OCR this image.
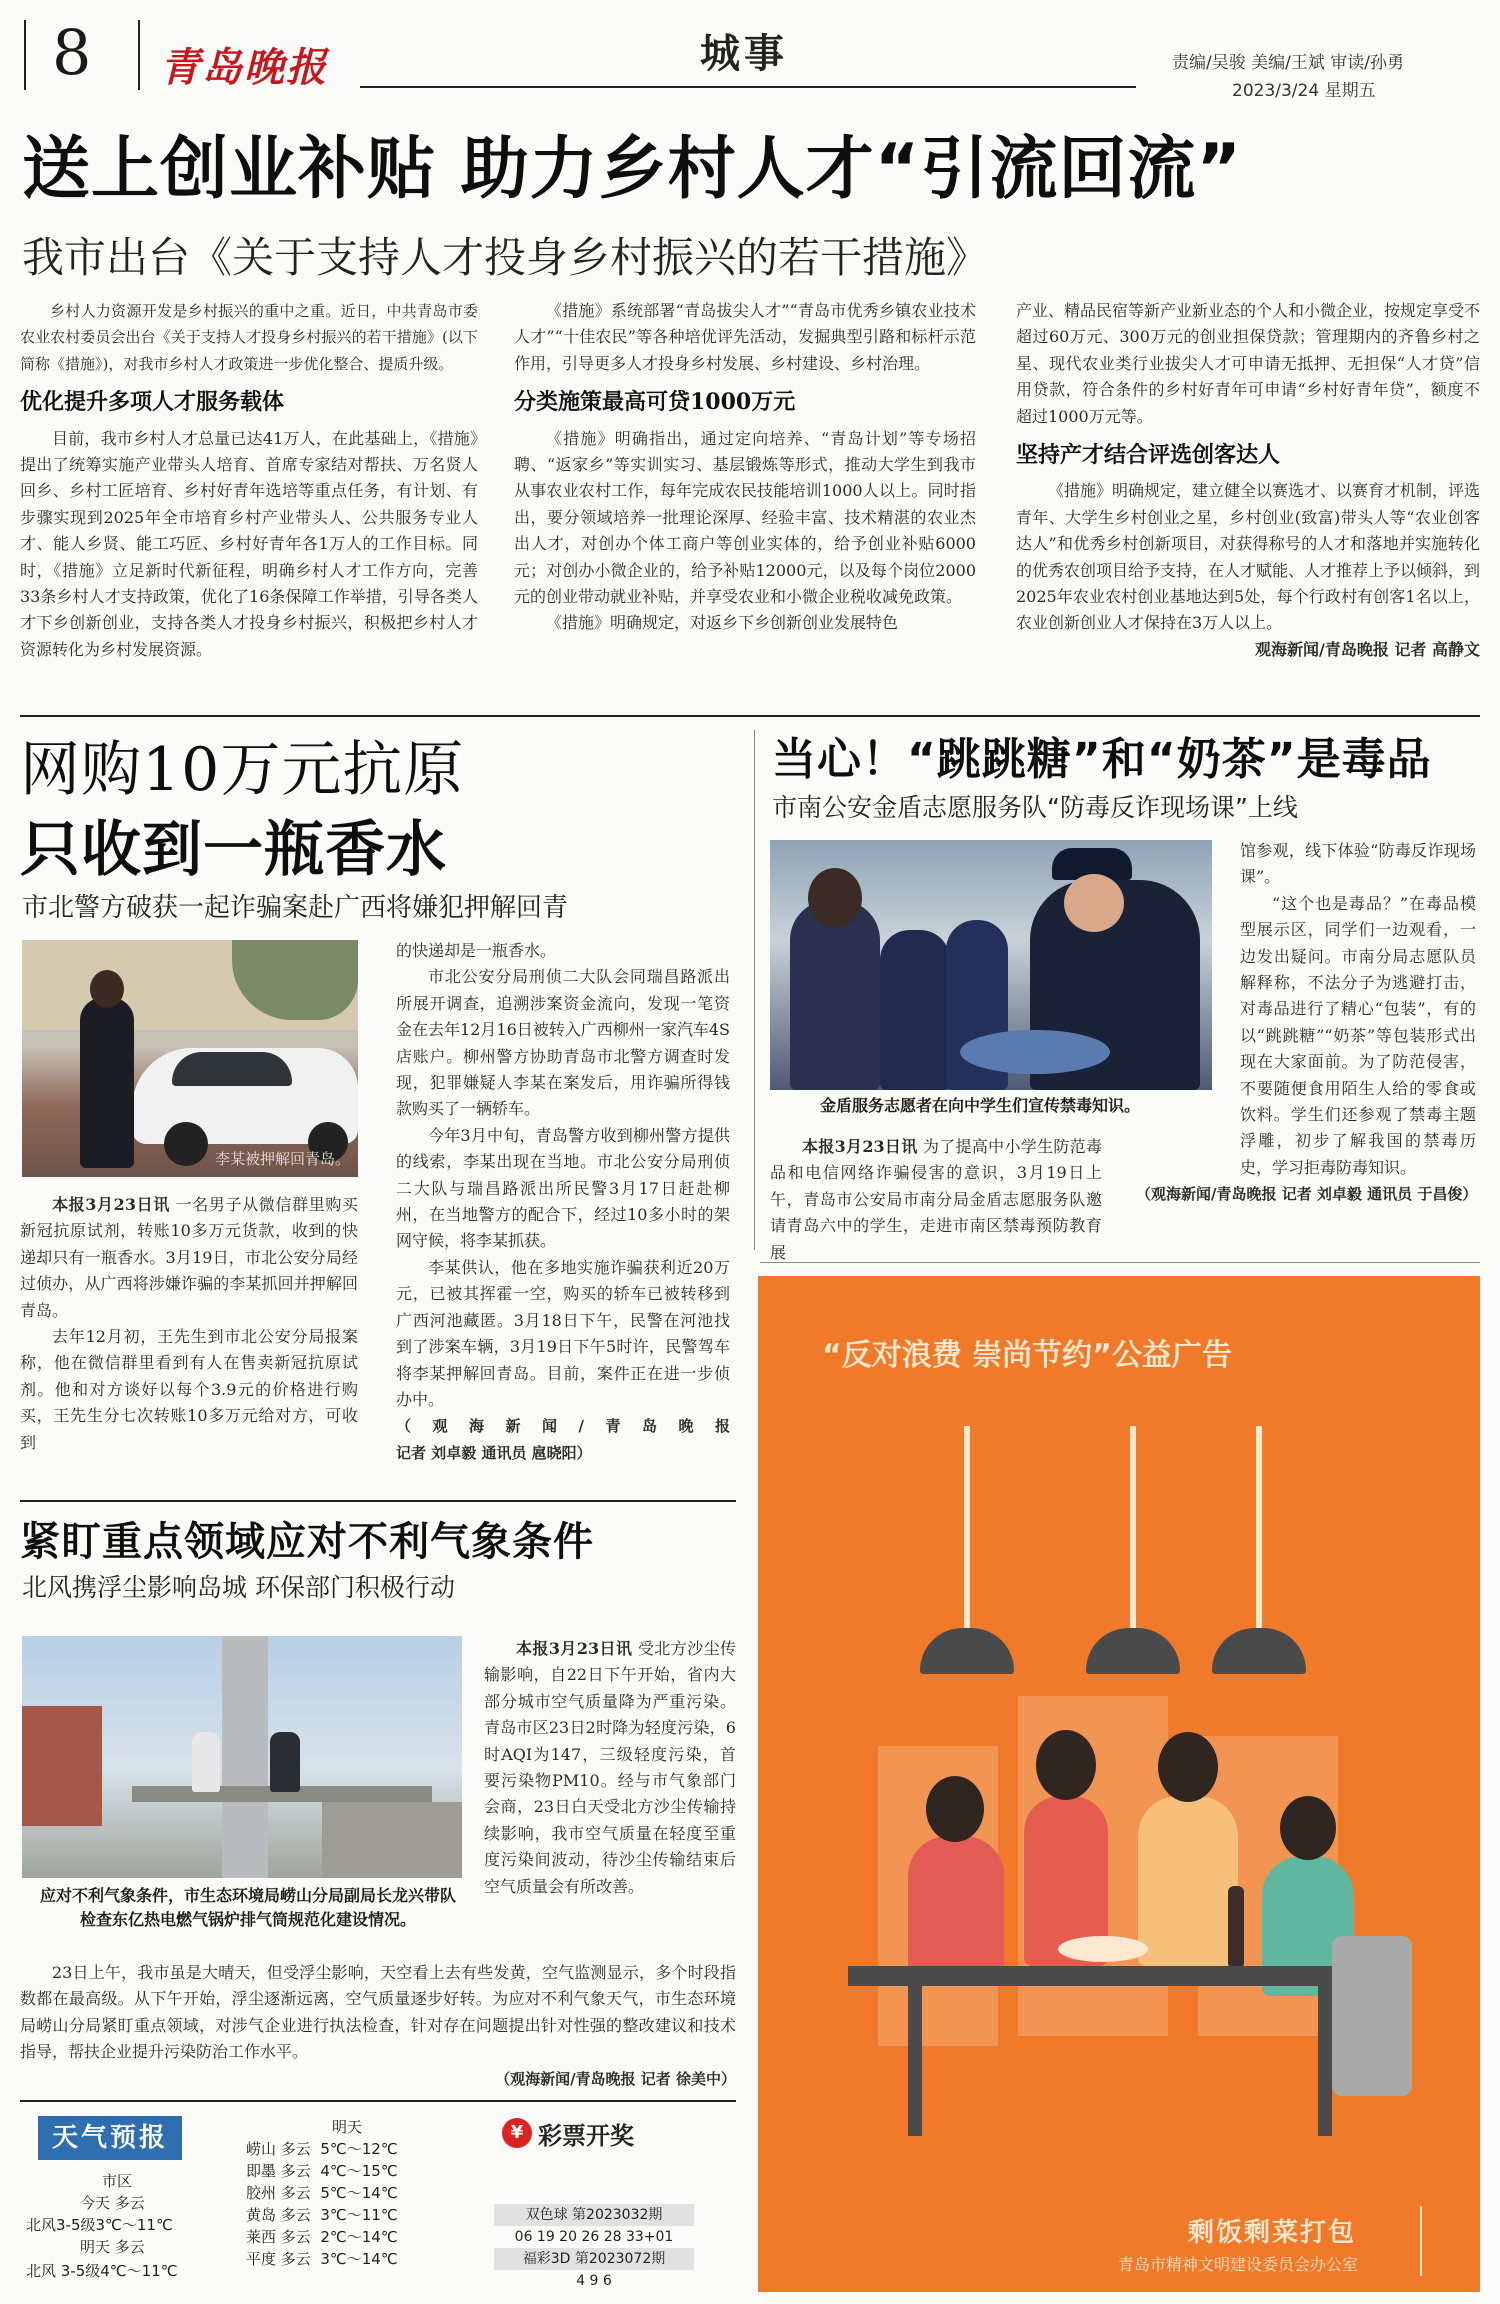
8 青岛晚报	城事	责编/吴骏 美编/王斌 审读/孙勇
2023/3/24 星期五
送上创业补贴 助力乡村人才“引流回流”
我市出台《关于支持人才投身乡村振兴的若干措施》

乡村人力资源开发是乡村振兴的重中之重。近日，中共青岛市委农业农村委员会出台《关于支持人才投身乡村振兴的若干措施》(以下简称《措施》)，对我市乡村人才政策进一步优化整合、提质升级。

优化提升多项人才服务载体

目前，我市乡村人才总量已达41万人，在此基础上，《措施》提出了统筹实施产业带头人培育、首席专家结对帮扶、万名贤人回乡、乡村工匠培育、乡村好青年选培等重点任务，有计划、有步骤实现到2025年全市培育乡村产业带头人、公共服务专业人才、能人乡贤、能工巧匠、乡村好青年各1万人的工作目标。同时，《措施》立足新时代新征程，明确乡村人才工作方向，完善33条乡村人才支持政策，优化了16条保障工作举措，引导各类人才下乡创新创业，支持各类人才投身乡村振兴，积极把乡村人才资源转化为乡村发展资源。

《措施》系统部署“青岛拔尖人才”“青岛市优秀乡镇农业技术人才”“十佳农民”等各种培优评先活动，发掘典型引路和标杆示范作用，引导更多人才投身乡村发展、乡村建设、乡村治理。

分类施策最高可贷1000万元

《措施》明确指出，通过定向培养、“青岛计划”等专场招聘、“返家乡”等实训实习、基层锻炼等形式，推动大学生到我市从事农业农村工作，每年完成农民技能培训1000人以上。同时指出，要分领域培养一批理论深厚、经验丰富、技术精湛的农业杰出人才，对创办个体工商户等创业实体的，给予创业补贴6000元；对创办小微企业的，给予补贴12000元，以及每个岗位2000元的创业带动就业补贴，并享受农业和小微企业税收减免政策。

《措施》明确规定，对返乡下乡创新创业发展特色

产业、精品民宿等新产业新业态的个人和小微企业，按规定享受不超过60万元、300万元的创业担保贷款；管理期内的齐鲁乡村之星、现代农业类行业拔尖人才可申请无抵押、无担保“人才贷”信用贷款，符合条件的乡村好青年可申请“乡村好青年贷”，额度不超过1000万元等。

坚持产才结合评选创客达人

《措施》明确规定，建立健全以赛选才、以赛育才机制，评选青年、大学生乡村创业之星，乡村创业(致富)带头人等“农业创客达人”和优秀乡村创新项目，对获得称号的人才和落地并实施转化的优秀农创项目给予支持，在人才赋能、人才推荐上予以倾斜，到2025年农业农村创业基地达到5处，每个行政村有创客1名以上，农业创新创业人才保持在3万人以上。

观海新闻/青岛晚报 记者 高静文
网购10万元抗原
只收到一瓶香水
市北警方破获一起诈骗案赴广西将嫌犯押解回青
李某被押解回青岛。

本报3月23日讯 一名男子从微信群里购买新冠抗原试剂，转账10多万元货款，收到的快递却只有一瓶香水。3月19日，市北公安分局经过侦办，从广西将涉嫌诈骗的李某抓回并押解回青岛。

去年12月初，王先生到市北公安分局报案称，他在微信群里看到有人在售卖新冠抗原试剂。他和对方谈好以每个3.9元的价格进行购买，王先生分七次转账10多万元给对方，可收到

的快递却是一瓶香水。

市北公安分局刑侦二大队会同瑞昌路派出所展开调查，追溯涉案资金流向，发现一笔资金在去年12月16日被转入广西柳州一家汽车4S店账户。柳州警方协助青岛市北警方调查时发现，犯罪嫌疑人李某在案发后，用诈骗所得钱款购买了一辆轿车。

今年3月中旬，青岛警方收到柳州警方提供的线索，李某出现在当地。市北公安分局刑侦二大队与瑞昌路派出所民警3月17日赶赴柳州，在当地警方的配合下，经过10多小时的架网守候，将李某抓获。

李某供认，他在多地实施诈骗获利近20万元，已被其挥霍一空，购买的轿车已被转移到广西河池藏匿。3月18日下午，民警在河池找到了涉案车辆，3月19日下午5时许，民警驾车将李某押解回青岛。目前，案件正在进一步侦办中。

（观海新闻/青岛晚报 记者 刘卓毅 通讯员 扈晓阳）
当心！“跳跳糖”和“奶茶”是毒品
市南公安金盾志愿服务队“防毒反诈现场课”上线
金盾服务志愿者在向中学生们宣传禁毒知识。

馆参观，线下体验“防毒反诈现场课”。

“这个也是毒品？”在毒品模型展示区，同学们一边观看，一边发出疑问。市南分局志愿队员解释称，不法分子为逃避打击，对毒品进行了精心“包装”，有的以“跳跳糖”“奶茶”等包装形式出现在大家面前。为了防范侵害，不要随便食用陌生人给的零食或饮料。学生们还参观了禁毒主题浮雕，初步了解我国的禁毒历史，学习拒毒防毒知识。

（观海新闻/青岛晚报 记者 刘卓毅 通讯员 于昌俊）

本报3月23日讯 为了提高中小学生防范毒品和电信网络诈骗侵害的意识，3月19日上午，青岛市公安局市南分局金盾志愿服务队邀请青岛六中的学生，走进市南区禁毒预防教育展

紧盯重点领域应对不利气象条件
北风携浮尘影响岛城 环保部门积极行动
应对不利气象条件，市生态环境局崂山分局副局长龙兴带队检查东亿热电燃气锅炉排气筒规范化建设情况。

本报3月23日讯 受北方沙尘传输影响，自22日下午开始，省内大部分城市空气质量降为严重污染。青岛市区23日2时降为轻度污染，6时AQI为147，三级轻度污染，首要污染物PM10。经与市气象部门会商，23日白天受北方沙尘传输持续影响，我市空气质量在轻度至重度污染间波动，待沙尘传输结束后空气质量会有所改善。

23日上午，我市虽是大晴天，但受浮尘影响，天空看上去有些发黄，空气监测显示，多个时段指数都在最高级。从下午开始，浮尘逐渐远离，空气质量逐步好转。为应对不利气象天气，市生态环境局崂山分局紧盯重点领域，对涉气企业进行执法检查，针对存在问题提出针对性强的整改建议和技术指导，帮扶企业提升污染防治工作水平。

（观海新闻/青岛晚报 记者 徐美中）
天气预报
市区
今天 多云
北风3-5级3℃～11℃
明天 多云
北风 3-5级4℃～11℃
明天
崂山 多云 5℃～12℃
即墨 多云 4℃～15℃
胶州 多云 5℃～14℃
黄岛 多云 3℃～11℃
莱西 多云 2℃～14℃
平度 多云 3℃～14℃
¥ 彩票开奖
双色球 第2023032期
06 19 20 26 28 33+01
福彩3D 第2023072期
4 9 6
“反对浪费 崇尚节约”公益广告
剩饭剩菜打包
青岛市精神文明建设委员会办公室
